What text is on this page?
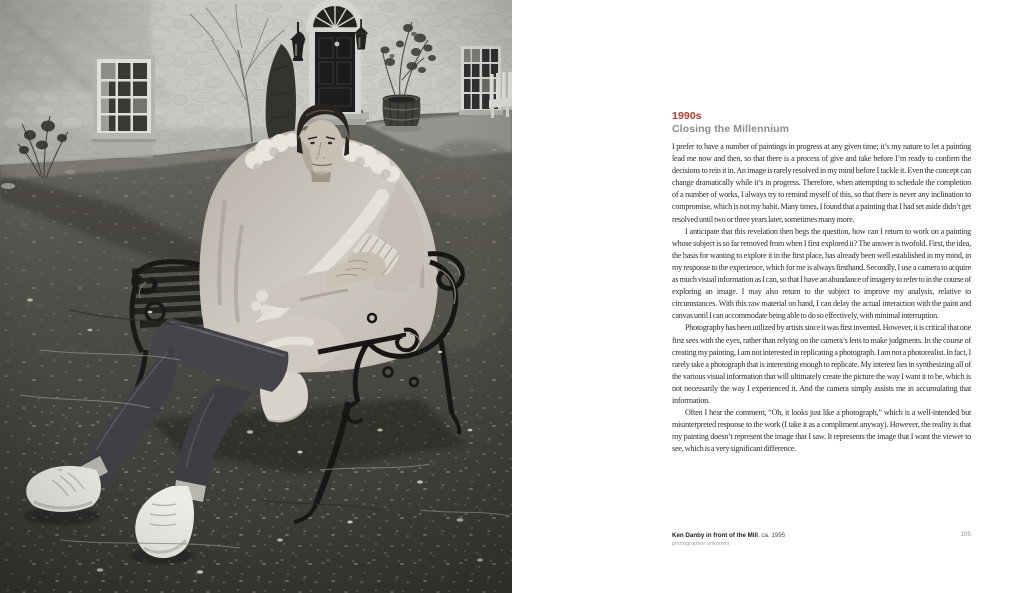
1990s
Closing the Millennium

I prefer to have a number of paintings in progress at any given time; it’s my nature to let a painting lead me now and then, so that there is a process of give and take before I’m ready to confirm the decisions to rein it in. An image is rarely resolved in my mind before I tackle it. Even the concept can change dramatically while it’s in progress. Therefore, when attempting to schedule the completion of a number of works, I always try to remind myself of this, so that there is never any inclination to compromise, which is not my habit. Many times, I found that a painting that I had set aside didn’t get resolved until two or three years later, sometimes many more.

I anticipate that this revelation then begs the question, how can I return to work on a painting whose subject is so far removed from when I first explored it? The answer is twofold. First, the idea, the basis for wanting to explore it in the first place, has already been well established in my mind, in my response to the experience, which for me is always firsthand. Secondly, I use a camera to acquire as much visual information as I can, so that I have an abundance of imagery to refer to in the course of exploring an image. I may also return to the subject to improve my analysis, relative to circumstances. With this raw material on hand, I can delay the actual interaction with the paint and canvas until I can accommodate being able to do so effectively, with minimal interruption.

Photography has been utilized by artists since it was first invented. However, it is critical that one first sees with the eyes, rather than relying on the camera’s lens to make judgments. In the course of creating my painting, I am not interested in replicating a photograph. I am not a photorealist. In fact, I rarely take a photograph that is interesting enough to replicate. My interest lies in synthesizing all of the various visual information that will ultimately create the picture the way I want it to be, which is not necessarily the way I experienced it. And the camera simply assists me in accumulating that information.

Often I hear the comment, “Oh, it looks just like a photograph,” which is a well-intended but misinterpreted response to the work (I take it as a compliment anyway). However, the reality is that my painting doesn’t represent the image that I saw. It represents the image that I want the viewer to see, which is a very significant difference.

Ken Danby in front of the Mill, ca. 1995
photographer unknown
105
